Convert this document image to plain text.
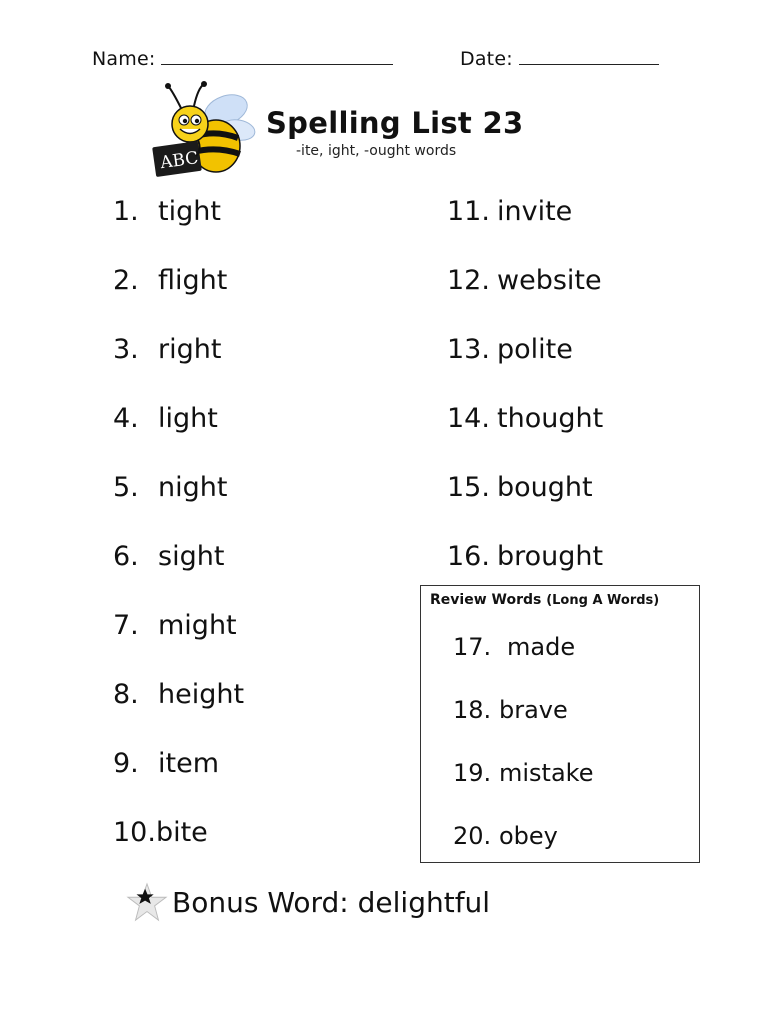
Name:	Date:
ABC
Spelling List 23
-ite, ight, -ought words
1. tight
2. flight
3. right
4. light
5. night
6. sight
7. might
8. height
9. item
10.bite
11. invite
12. website
13. polite
14. thought
15. bought
16. brought
Review Words (Long A Words)
17. made
18. brave
19. mistake
20. obey
Bonus Word: delightful
